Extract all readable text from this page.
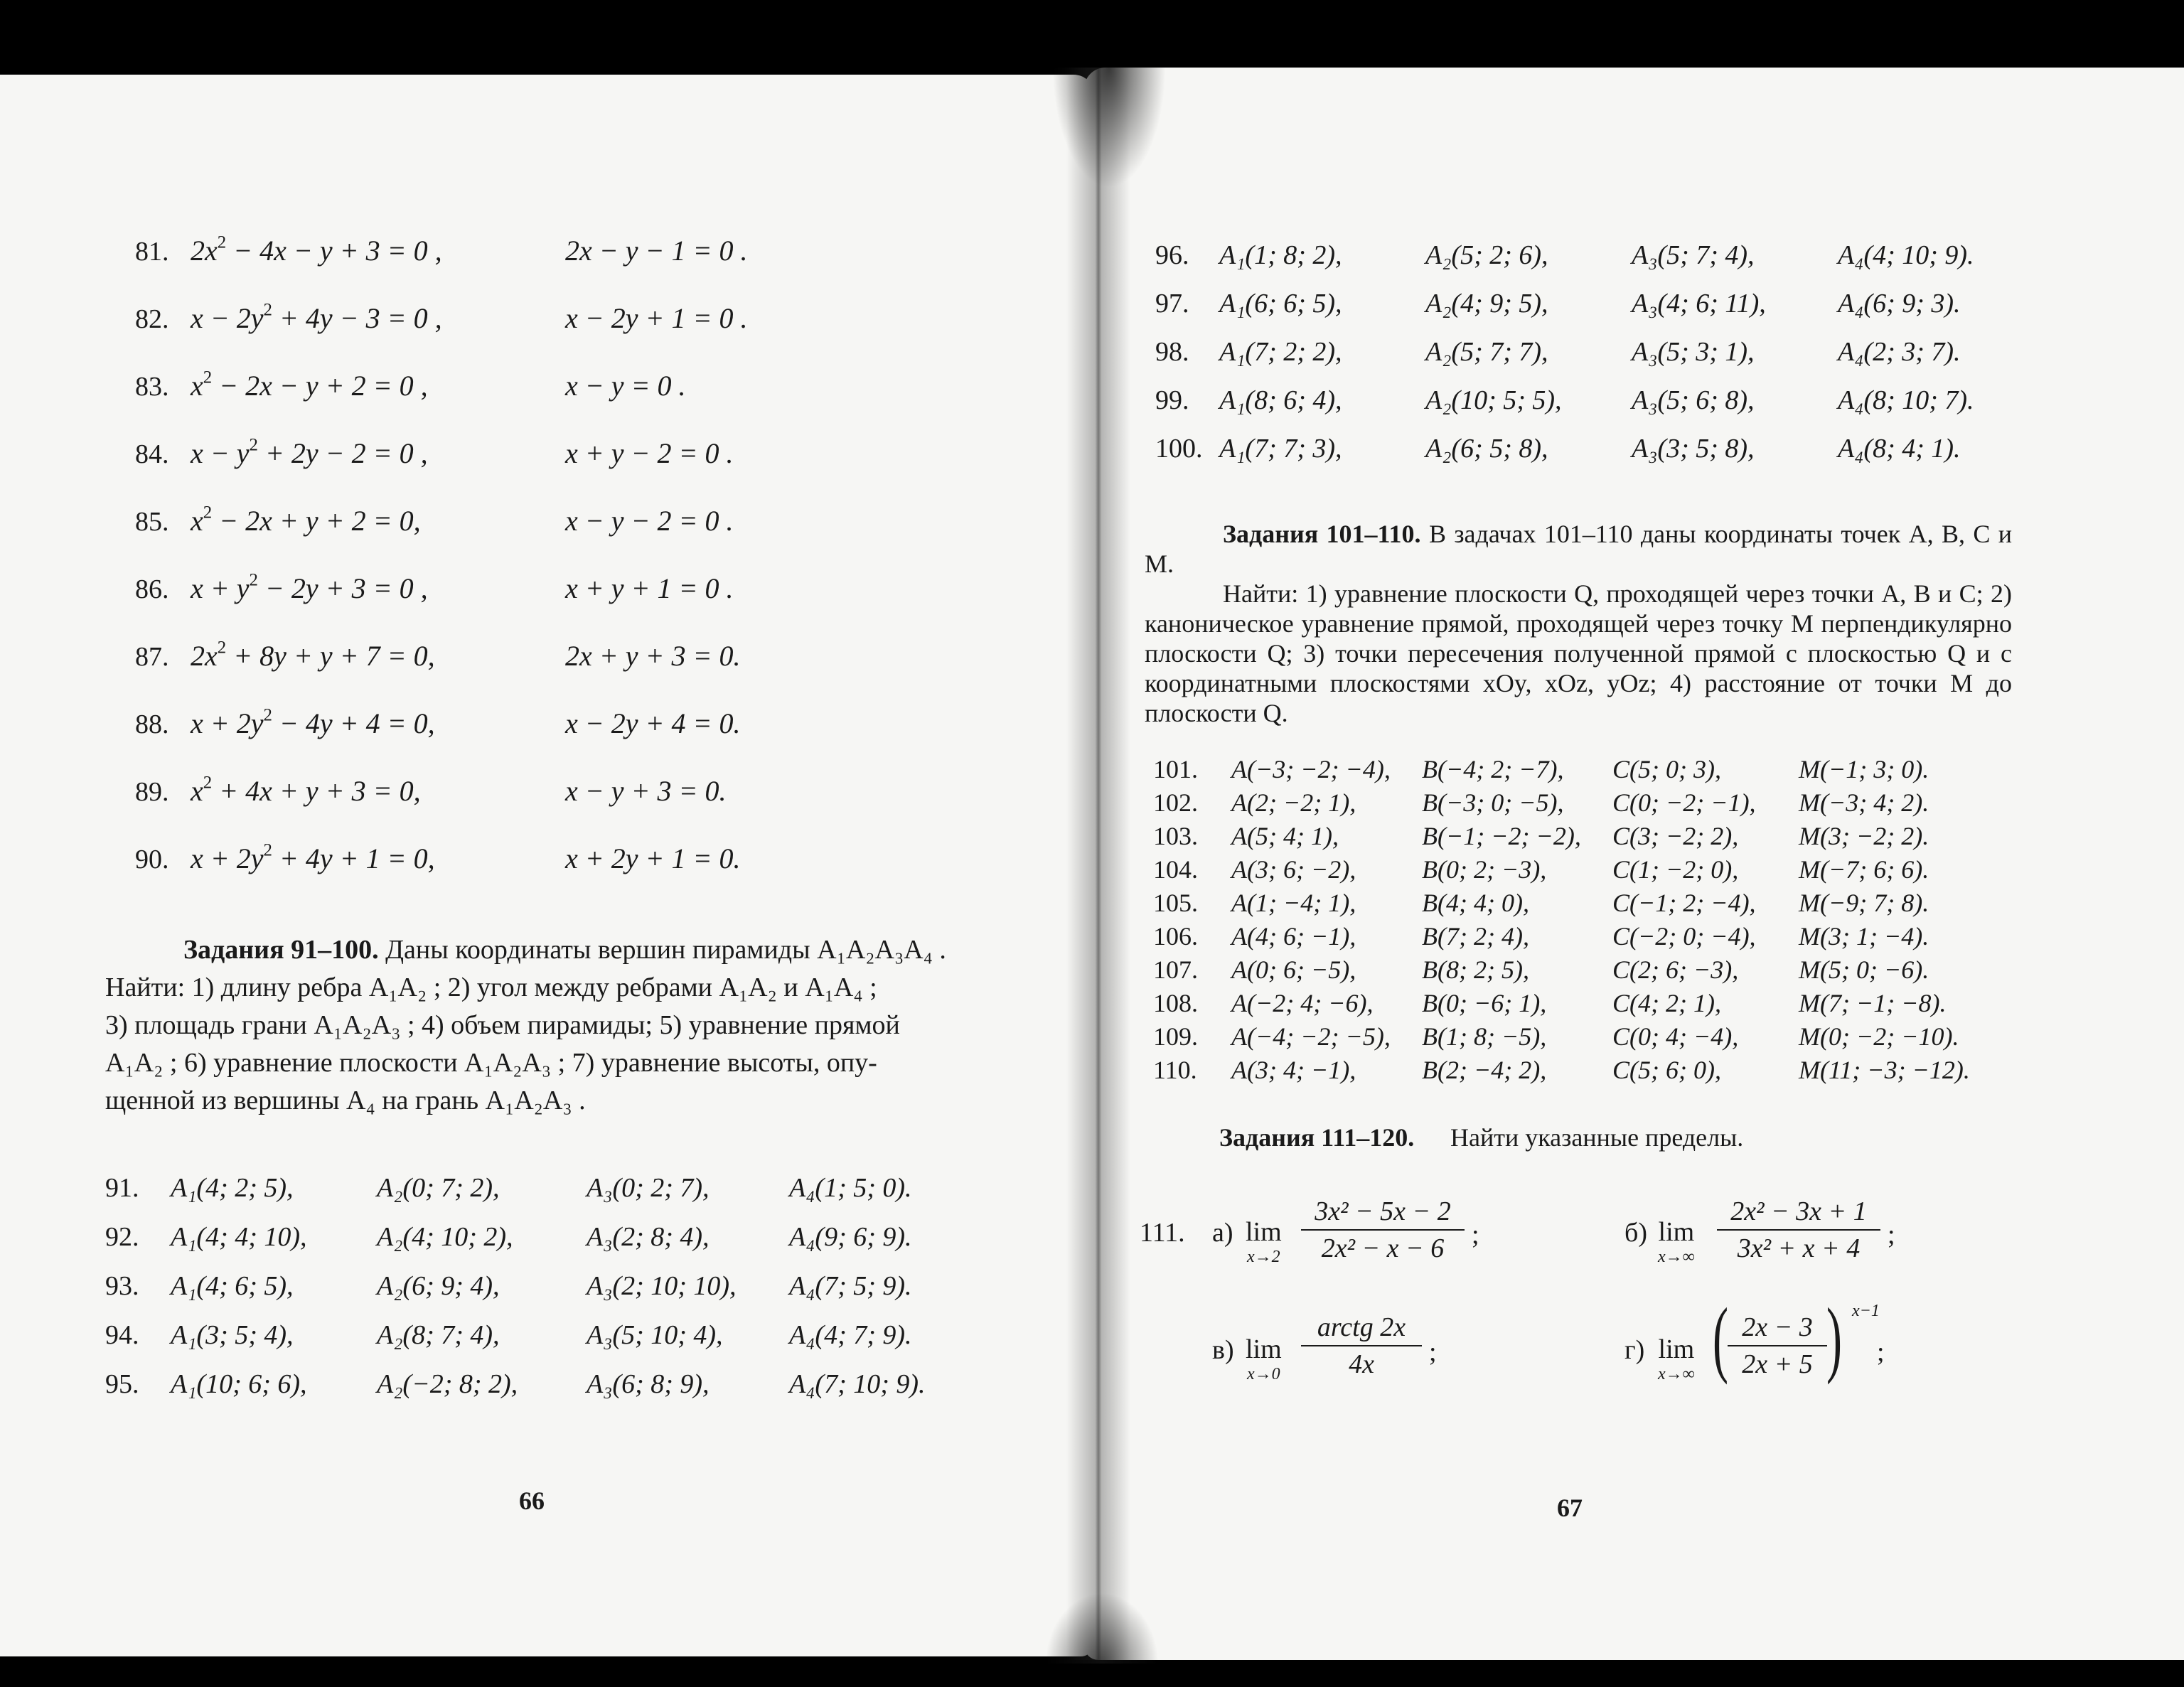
81. $2x^2 - 4x - y + 3 = 0$ ,	2x − y − 1 = 0 .
82. $x - 2y^2 + 4y - 3 = 0$ ,	x − 2y + 1 = 0 .
83. $x^2 - 2x - y + 2 = 0$ ,	x − y = 0 .
84. $x - y^2 + 2y - 2 = 0$ ,	x + y − 2 = 0 .
85. $x^2 - 2x + y + 2 = 0$,	x − y − 2 = 0 .
86. $x + y^2 - 2y + 3 = 0$ ,	x + y + 1 = 0 .
87. $2x^2 + 8y + y + 7 = 0$,	2x + y + 3 = 0.
88. $x + 2y^2 - 4y + 4 = 0$,	x − 2y + 4 = 0.
89. $x^2 + 4x + y + 3 = 0$,	x − y + 3 = 0.
90. $x + 2y^2 + 4y + 1 = 0$,	x + 2y + 1 = 0.
Задания 91–100. Даны координаты вершин пирамиды A₁A₂A₃A₄ .
Найти: 1) длину ребра A₁A₂ ; 2) угол между ребрами A₁A₂ и A₁A₄ ;
3) площадь грани A₁A₂A₃ ; 4) объем пирамиды; 5) уравнение прямой
A₁A₂ ; 6) уравнение плоскости A₁A₂A₃ ; 7) уравнение высоты, опу-
щенной из вершины A₄ на грань A₁A₂A₃ .
91. A₁(4; 2; 5),	A₂(0; 7; 2),	A₃(0; 2; 7),	A₄(1; 5; 0).
92. A₁(4; 4; 10),	A₂(4; 10; 2),	A₃(2; 8; 4),	A₄(9; 6; 9).
93. A₁(4; 6; 5),	A₂(6; 9; 4),	A₃(2; 10; 10), A₄(7; 5; 9).
94. A₁(3; 5; 4),	A₂(8; 7; 4),	A₃(5; 10; 4), A₄(4; 7; 9).
95. A₁(10; 6; 6),	A₂(−2; 8; 2),	A₃(6; 8; 9),	A₄(7; 10; 9).
66
96. A₁(1; 8; 2),	A₂(5; 2; 6),	A₃(5; 7; 4),	A₄(4; 10; 9).
97. A₁(6; 6; 5),	A₂(4; 9; 5),	A₃(4; 6; 11),	A₄(6; 9; 3).
98. A₁(7; 2; 2),	A₂(5; 7; 7),	A₃(5; 3; 1),	A₄(2; 3; 7).
99. A₁(8; 6; 4),	A₂(10; 5; 5),	A₃(5; 6; 8),	A₄(8; 10; 7).
100. A₁(7; 7; 3),	A₂(6; 5; 8),	A₃(3; 5; 8),	A₄(8; 4; 1).
Задания 101–110. В задачах 101–110 даны координаты точек A, B, C и M.
Найти: 1) уравнение плоскости Q, проходящей через точки A, B и C; 2) каноническое уравнение прямой, проходящей через точку M перпендикулярно плоскости Q; 3) точки пересечения полученной прямой с плоскостью Q и с координатными плоскостями xOy, xOz, yOz; 4) расстояние от точки M до плоскости Q.
101. A(−3; −2; −4), B(−4; 2; −7), C(5; 0; 3),	M(−1; 3; 0).
102. A(2; −2; 1),	B(−3; 0; −5), C(0; −2; −1), M(−3; 4; 2).
103. A(5; 4; 1),	B(−1; −2; −2), C(3; −2; 2), M(3; −2; 2).
104. A(3; 6; −2),	B(0; 2; −3),	C(1; −2; 0), M(−7; 6; 6).
105. A(1; −4; 1),	B(4; 4; 0),	C(−1; 2; −4), M(−9; 7; 8).
106. A(4; 6; −1),	B(7; 2; 4),	C(−2; 0; −4), M(3; 1; −4).
107. A(0; 6; −5),	B(8; 2; 5),	C(2; 6; −3), M(5; 0; −6).
108. A(−2; 4; −6), B(0; −6; 1),	C(4; 2; 1),	M(7; −1; −8).
109. A(−4; −2; −5), B(1; 8; −5),	C(0; 4; −4), M(0; −2; −10).
110. A(3; 4; −1),	B(2; −4; 2),	C(5; 6; 0),	M(11; −3; −12).
Задания 111–120. Найти указанные пределы.
111. а) lim
x→2
3x² − 5x − 2
2x² − x − 6	;	б) lim
x→∞
2x² − 3x + 1
3x² + x + 4	;
в) lim
x→0
arctg 2x
4x	;	г) lim
x→∞ ( 2x − 3
2x + 5 ) x−1
;
67
